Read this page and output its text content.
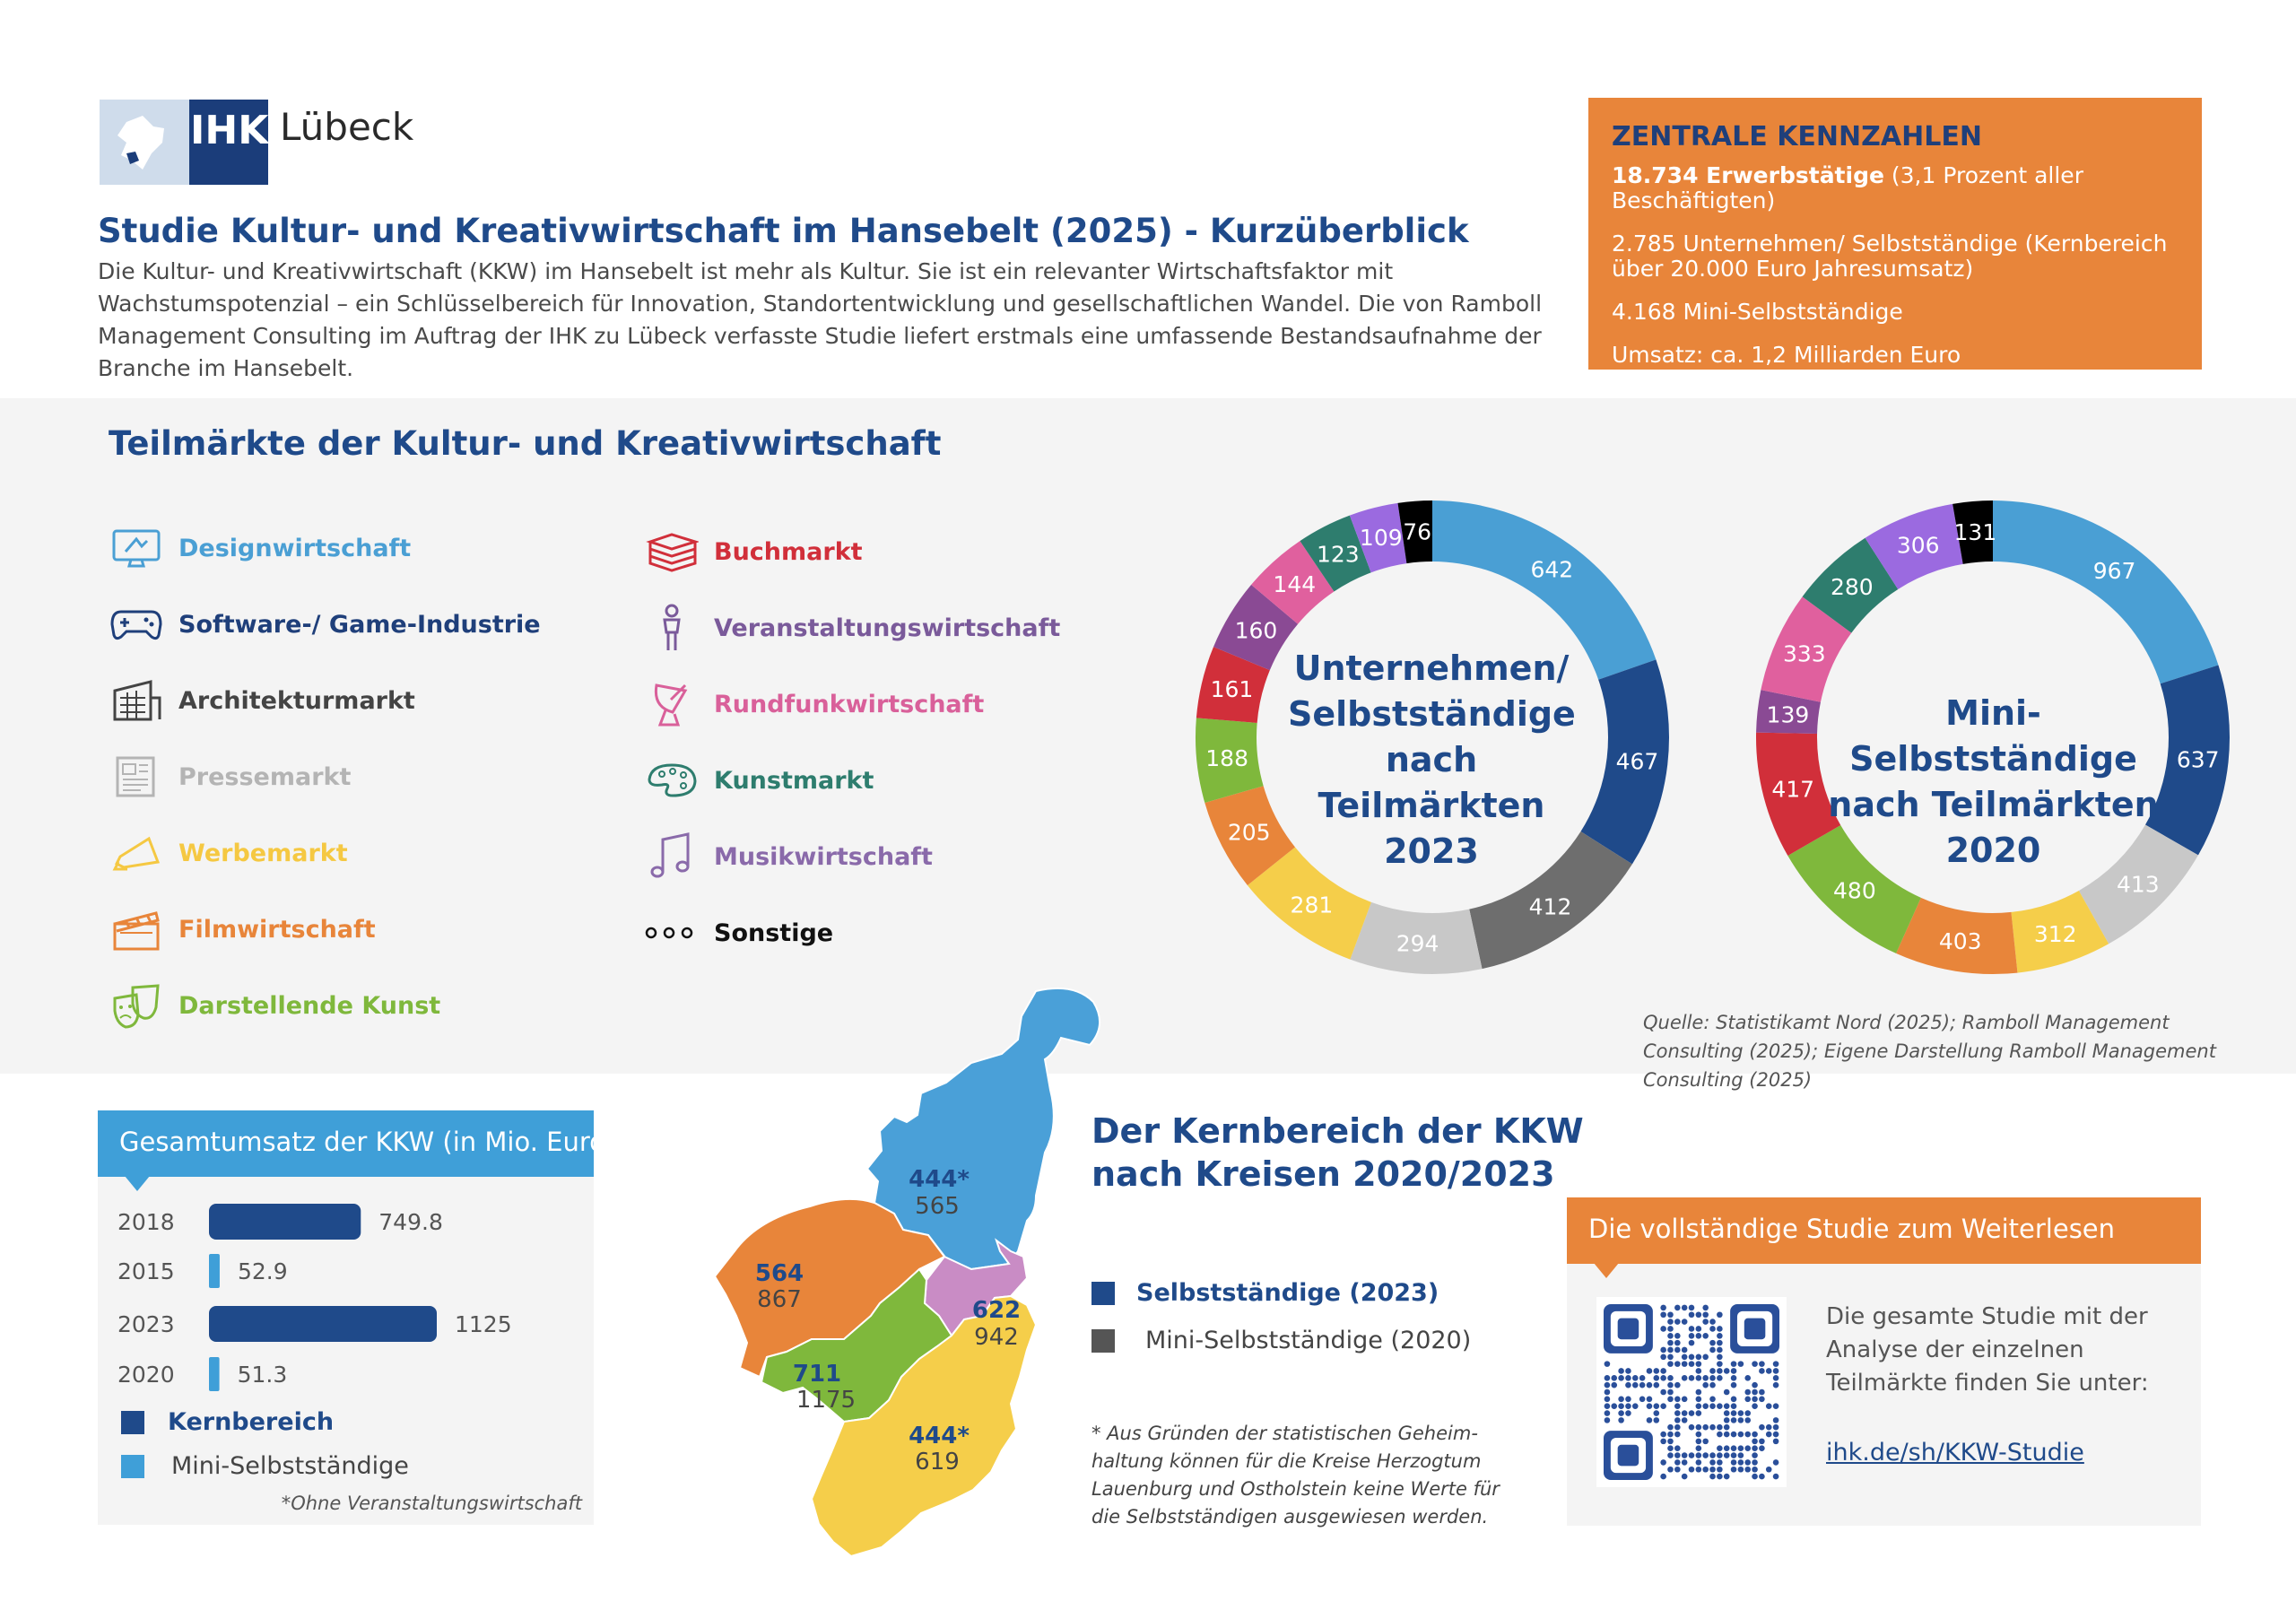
IHK Lübeck
Studie Kultur- und Kreativwirtschaft im Hansebelt (2025) - Kurzüberblick
Die Kultur- und Kreativwirtschaft (KKW) im Hansebelt ist mehr als Kultur. Sie ist ein relevanter Wirtschaftsfaktor mit Wachstumspotenzial – ein Schlüsselbereich für Innovation, Standortentwicklung und gesellschaftlichen Wandel. Die von Ramboll Management Consulting im Auftrag der IHK zu Lübeck verfasste Studie liefert erstmals eine umfassende Bestandsaufnahme der Branche im Hansebelt.
ZENTRALE KENNZAHLEN
18.734 Erwerbstätige (3,1 Prozent aller Beschäftigten)
2.785 Unternehmen/ Selbstständige (Kernbereich über 20.000 Euro Jahresumsatz)
4.168 Mini-Selbstständige
Umsatz: ca. 1,2 Milliarden Euro
Teilmärkte der Kultur- und Kreativwirtschaft
Designwirtschaft
Software-/ Game-Industrie
Architekturmarkt
Pressemarkt
Werbemarkt
Filmwirtschaft
Darstellende Kunst
Buchmarkt
Veranstaltungswirtschaft
Rundfunkwirtschaft
Kunstmarkt
Musikwirtschaft
Sonstige
642
467
412
294
281
205
188
161
160
144
123
109 76
Unternehmen/
Selbstständige
nach Teilmärkten
2023
967
637
413
312
403
480
417
139
333
280
306
131
Mini-Selbstständige
nach Teilmärkten
2020
Quelle: Statistikamt Nord (2025); Ramboll Management Consulting (2025); Eigene Darstellung Ramboll Management Consulting (2025)
Gesamtumsatz der KKW (in Mio. Euro)*
2018	749.8
2015	52.9
2023	1125
2020	51.3
Kernbereich
Mini-Selbstständige
*Ohne Veranstaltungswirtschaft
444*
565
564
867	622
942
711
1175
444*
619
Der Kernbereich der KKW
nach Kreisen 2020/2023
Selbstständige (2023)
Mini-Selbstständige (2020)
* Aus Gründen der statistischen Geheim-haltung können für die Kreise Herzogtum Lauenburg und Ostholstein keine Werte für die Selbstständigen ausgewiesen werden.
Die vollständige Studie zum Weiterlesen
Die gesamte Studie mit der Analyse der einzelnen Teilmärkte finden Sie unter:
ihk.de/sh/KKW-Studie
